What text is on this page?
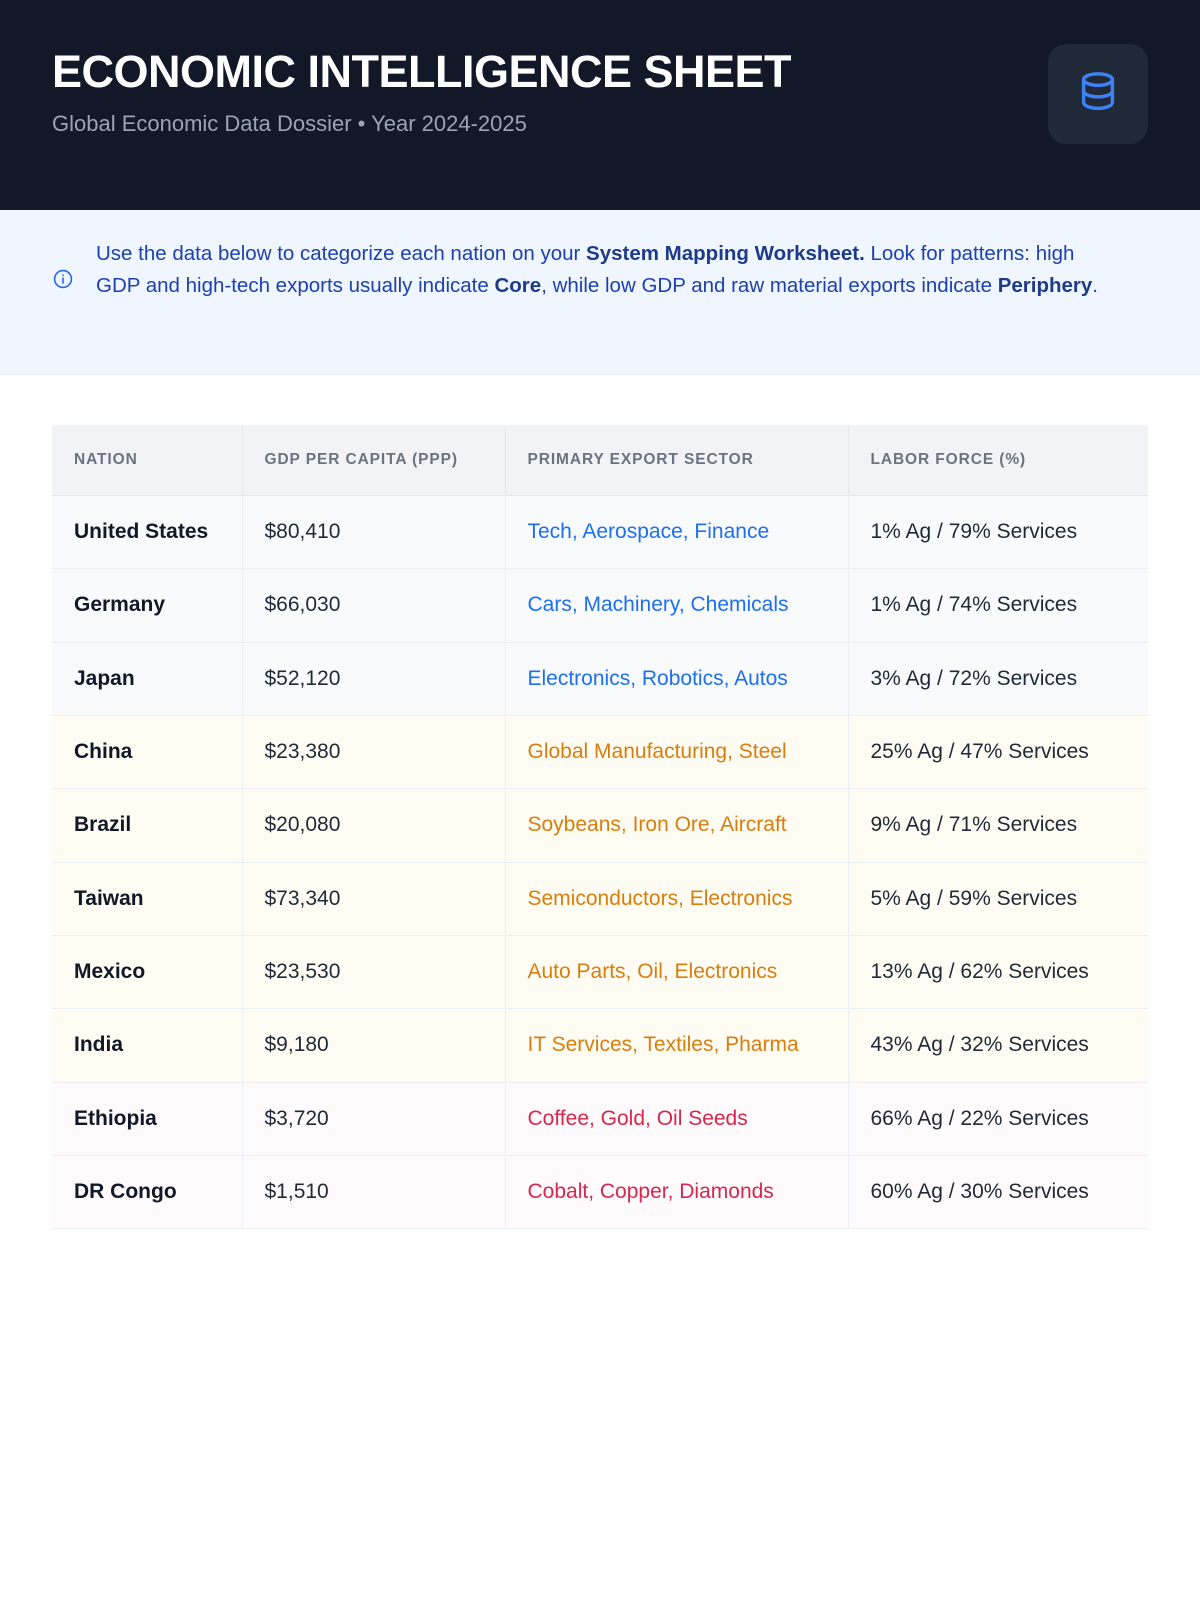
ECONOMIC INTELLIGENCE SHEET

Global Economic Data Dossier • Year 2024-2025

Use the data below to categorize each nation on your System Mapping Worksheet. Look for patterns: high GDP and high-tech exports usually indicate Core, while low GDP and raw material exports indicate Periphery.
NATION	GDP PER CAPITA (PPP)	PRIMARY EXPORT SECTOR	LABOR FORCE (%)
United States	$80,410	Tech, Aerospace, Finance	1% Ag / 79% Services
Germany	$66,030	Cars, Machinery, Chemicals	1% Ag / 74% Services
Japan	$52,120	Electronics, Robotics, Autos	3% Ag / 72% Services
China	$23,380	Global Manufacturing, Steel	25% Ag / 47% Services
Brazil	$20,080	Soybeans, Iron Ore, Aircraft	9% Ag / 71% Services
Taiwan	$73,340	Semiconductors, Electronics	5% Ag / 59% Services
Mexico	$23,530	Auto Parts, Oil, Electronics	13% Ag / 62% Services
India	$9,180	IT Services, Textiles, Pharma	43% Ag / 32% Services
Ethiopia	$3,720	Coffee, Gold, Oil Seeds	66% Ag / 22% Services
DR Congo	$1,510	Cobalt, Copper, Diamonds	60% Ag / 30% Services
